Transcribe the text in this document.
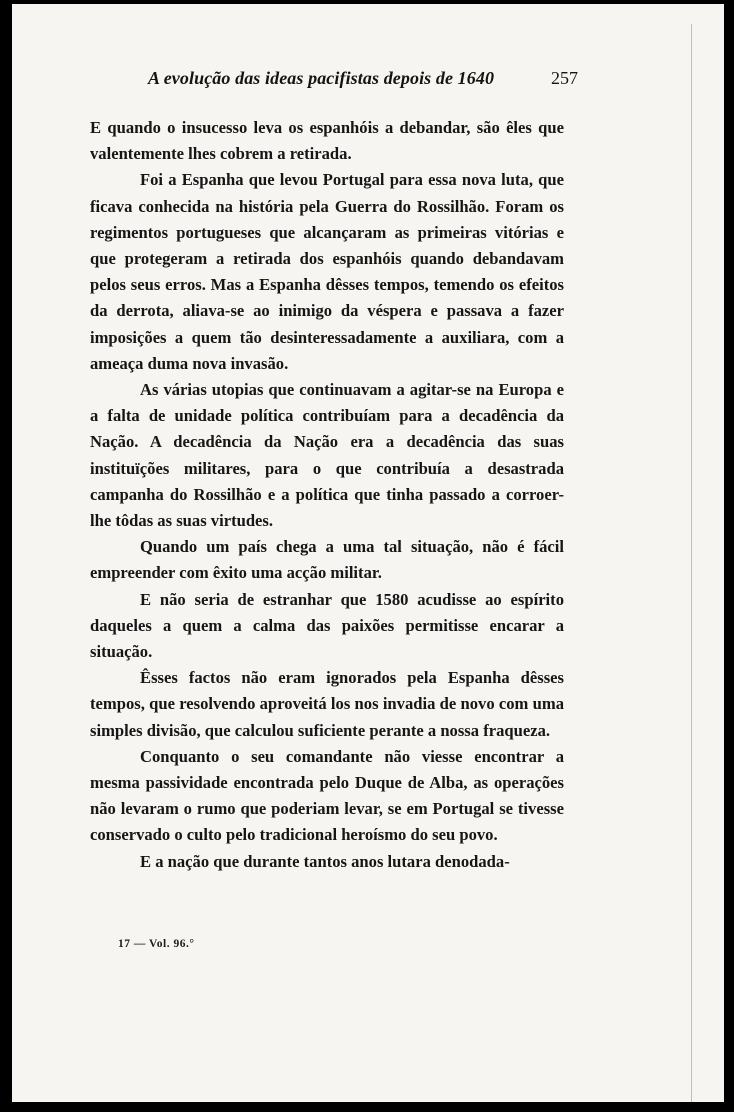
A evolução das ideas pacifistas depois de 1640	257

E quando o insucesso leva os espanhóis a debandar, são êles que valentemente lhes cobrem a retirada.

Foi a Espanha que levou Portugal para essa nova luta, que ficava conhecida na história pela Guerra do Rossilhão. Foram os regimentos portugueses que alcançaram as primeiras vitórias e que protegeram a retirada dos espanhóis quando debandavam pelos seus erros. Mas a Espanha dêsses tempos, temendo os efeitos da derrota, aliava-se ao inimigo da véspera e passava a fazer imposições a quem tão desinteressadamente a auxiliara, com a ameaça duma nova invasão.

As várias utopias que continuavam a agitar-se na Europa e a falta de unidade política contribuíam para a decadência da Nação. A decadência da Nação era a decadência das suas instituïções militares, para o que contribuía a desastrada campanha do Rossilhão e a política que tinha passado a corroer-lhe tôdas as suas virtudes.

Quando um país chega a uma tal situação, não é fácil empreender com êxito uma acção militar.

E não seria de estranhar que 1580 acudisse ao espírito daqueles a quem a calma das paixões permitisse encarar a situação.

Êsses factos não eram ignorados pela Espanha dêsses tempos, que resolvendo aproveitá los nos invadia de novo com uma simples divisão, que calculou suficiente perante a nossa fraqueza.

Conquanto o seu comandante não viesse encontrar a mesma passividade encontrada pelo Duque de Alba, as operações não levaram o rumo que poderiam levar, se em Portugal se tivesse conservado o culto pelo tradicional heroísmo do seu povo.

E a nação que durante tantos anos lutara denodada-

17 — Vol. 96.°
